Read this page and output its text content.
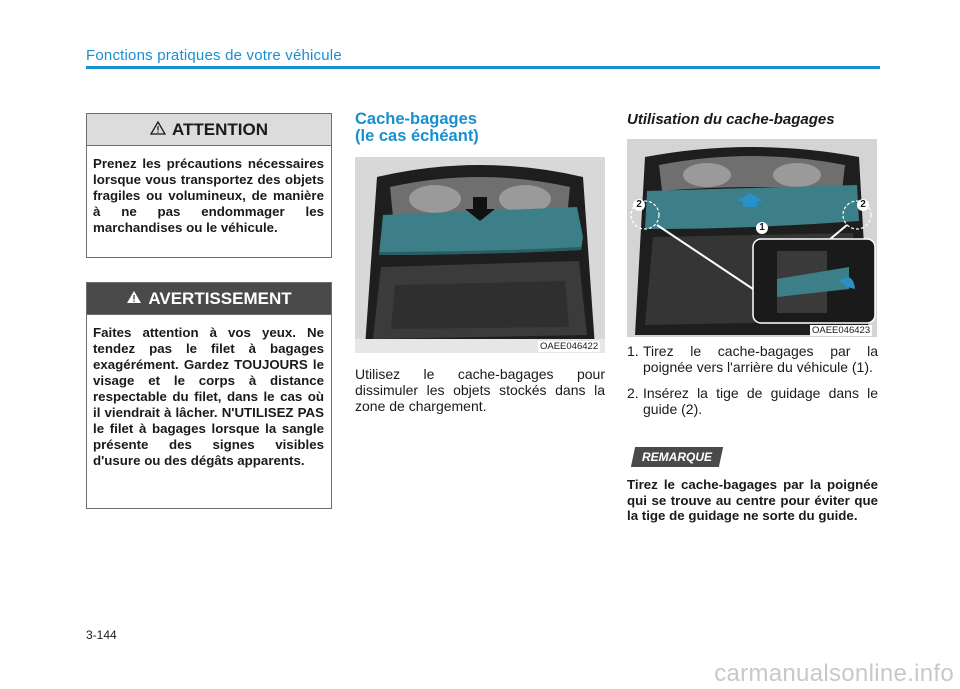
Fonctions pratiques de votre véhicule
ATTENTION
Prenez les précautions nécessaires lorsque vous transportez des objets fragiles ou volumineux, de manière à ne pas endommager les marchandises ou le véhicule.
AVERTISSEMENT
Faites attention à vos yeux. Ne tendez pas le filet à bagages exagérément. Gardez TOUJOURS le visage et le corps à distance respectable du filet, dans le cas où il viendrait à lâcher. N'UTILISEZ PAS le filet à bagages lorsque la sangle présente des signes visibles d'usure ou des dégâts apparents.
Cache-bagages
(le cas échéant)
OAEE046422
Utilisez le cache-bagages pour dissimuler les objets stockés dans la zone de chargement.
Utilisation du cache-bagages
2	2
1
OAEE046423
1. Tirez le cache-bagages par la poignée vers l'arrière du véhicule (1).
2. Insérez la tige de guidage dans le guide (2).
REMARQUE
Tirez le cache-bagages par la poignée qui se trouve au centre pour éviter que la tige de guidage ne sorte du guide.
3-144
carmanualsonline.info
